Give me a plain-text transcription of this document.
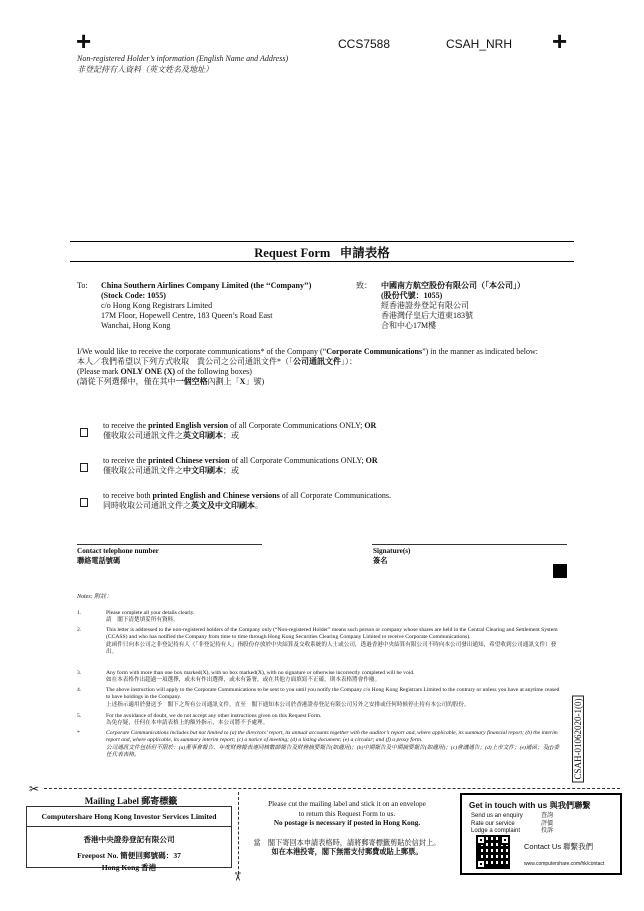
+	+
CCS7588	CSAH_NRH
Non-registered Holder’s information (English Name and Address)
非登記持有人資料（英文姓名及地址）
Request Form 申請表格
To: China Southern Airlines Company Limited (the ‘‘Company’’)
(Stock Code: 1055)
c/o Hong Kong Registrars Limited
17M Floor, Hopewell Centre, 183 Queen’s Road East
Wanchai, Hong Kong
致： 中國南方航空股份有限公司（「本公司」）
(股份代號：1055)
經香港證券登記有限公司
香港灣仔皇后大道東183號
合和中心17M樓
I/We would like to receive the corporate communications* of the Company (“Corporate Communications”) in the manner as indicated below:
本人／我們希望以下列方式收取　貴公司之公司通訊文件*（「公司通訊文件」）：
(Please mark ONLY ONE (X) of the following boxes)
(請從下列選擇中，僅在其中一個空格內劃上「X」號)
to receive the printed English version of all Corporate Communications ONLY; OR
僅收取公司通訊文件之英文印刷本；或
to receive the printed Chinese version of all Corporate Communications ONLY; OR
僅收取公司通訊文件之中文印刷本；或
to receive both printed English and Chinese versions of all Corporate Communications.
同時收取公司通訊文件之英文及中文印刷本。
Contact telephone number
聯絡電話號碼
Signature(s)
簽名
Notes: 附註：
1.	Please complete all your details clearly.
請　閣下清楚填妥所有資料。
2.	This letter is addressed to the non-registered holders of the Company only (“Non-registered Holder” means such person or company whose shares are held in the Central Clearing and Settlement System (CCASS) and who has notified the Company from time to time through Hong Kong Securities Clearing Company Limited to receive Corporate Communications).
此函件只向本公司之非登記持有人（「非登記持有人」指股份存放於中央結算及交收系統的人士或公司，透過香港中央結算有限公司不時向本公司發出通知，希望收到公司通訊文件）發出。
3.	Any form with more than one box marked(X), with no box marked(X), with no signature or otherwise incorrectly completed will be void.
如在本表格作出超過一項選擇，或未有作出選擇，或未有簽署，或在其他方面填寫不正確，則本表格將會作廢。
4.	The above instruction will apply to the Corporate Communications to be sent to you until you notify the Company c/o Hong Kong Registrars Limited to the contrary or unless you have at anytime ceased to have holdings in the Company.
上述指示適用於發送予　閣下之所有公司通訊文件，直至　閣下通知本公司於香港證券登記有限公司另外之安排或任何時候停止持有本公司的股份。
5.	For the avoidance of doubt, we do not accept any other instructions given on this Request Form.
為免存疑，任何在本申請表格上的額外指示，本公司將不予處理。
*	Corporate Communications includes but not limited to (a) the directors’ report, its annual accounts together with the auditor’s report and, where applicable, its summary financial report; (b) the interim report and, where applicable, its summary interim report; (c) a notice of meeting; (d) a listing document; (e) a circular; and (f) a proxy form.
公司通訊文件包括但不限於：(a)董事會報告、年度財務報表連同核數師報告及財務摘要報告(如適用)；(b)中期報告及中期摘要報告(如適用)；(c)會議通告；(d)上市文件；(e)通函；及(f)委任代表表格。	CSAH-01062020-1(0)
✂
✂
Mailing Label 郵寄標籤
Computershare Hong Kong Investor Services Limited
香港中央證券登記有限公司
Freepost No. 簡便回郵號碼：37
Hong Kong 香港
Please cut the mailing label and stick it on an envelope
to return this Request Form to us.
No postage is necessary if posted in Hong Kong.
當　閣下寄回本申請表格時，請將郵寄標籤剪貼於信封上。
如在本港投寄，閣下無需支付郵費或貼上郵票。
Get in touch with us 與我們聯繫
Send us an enquiry	查詢
Rate our service	評價
Lodge a complaint	投訴
Contact Us 聯繫我們
www.computershare.com/hk/contact
